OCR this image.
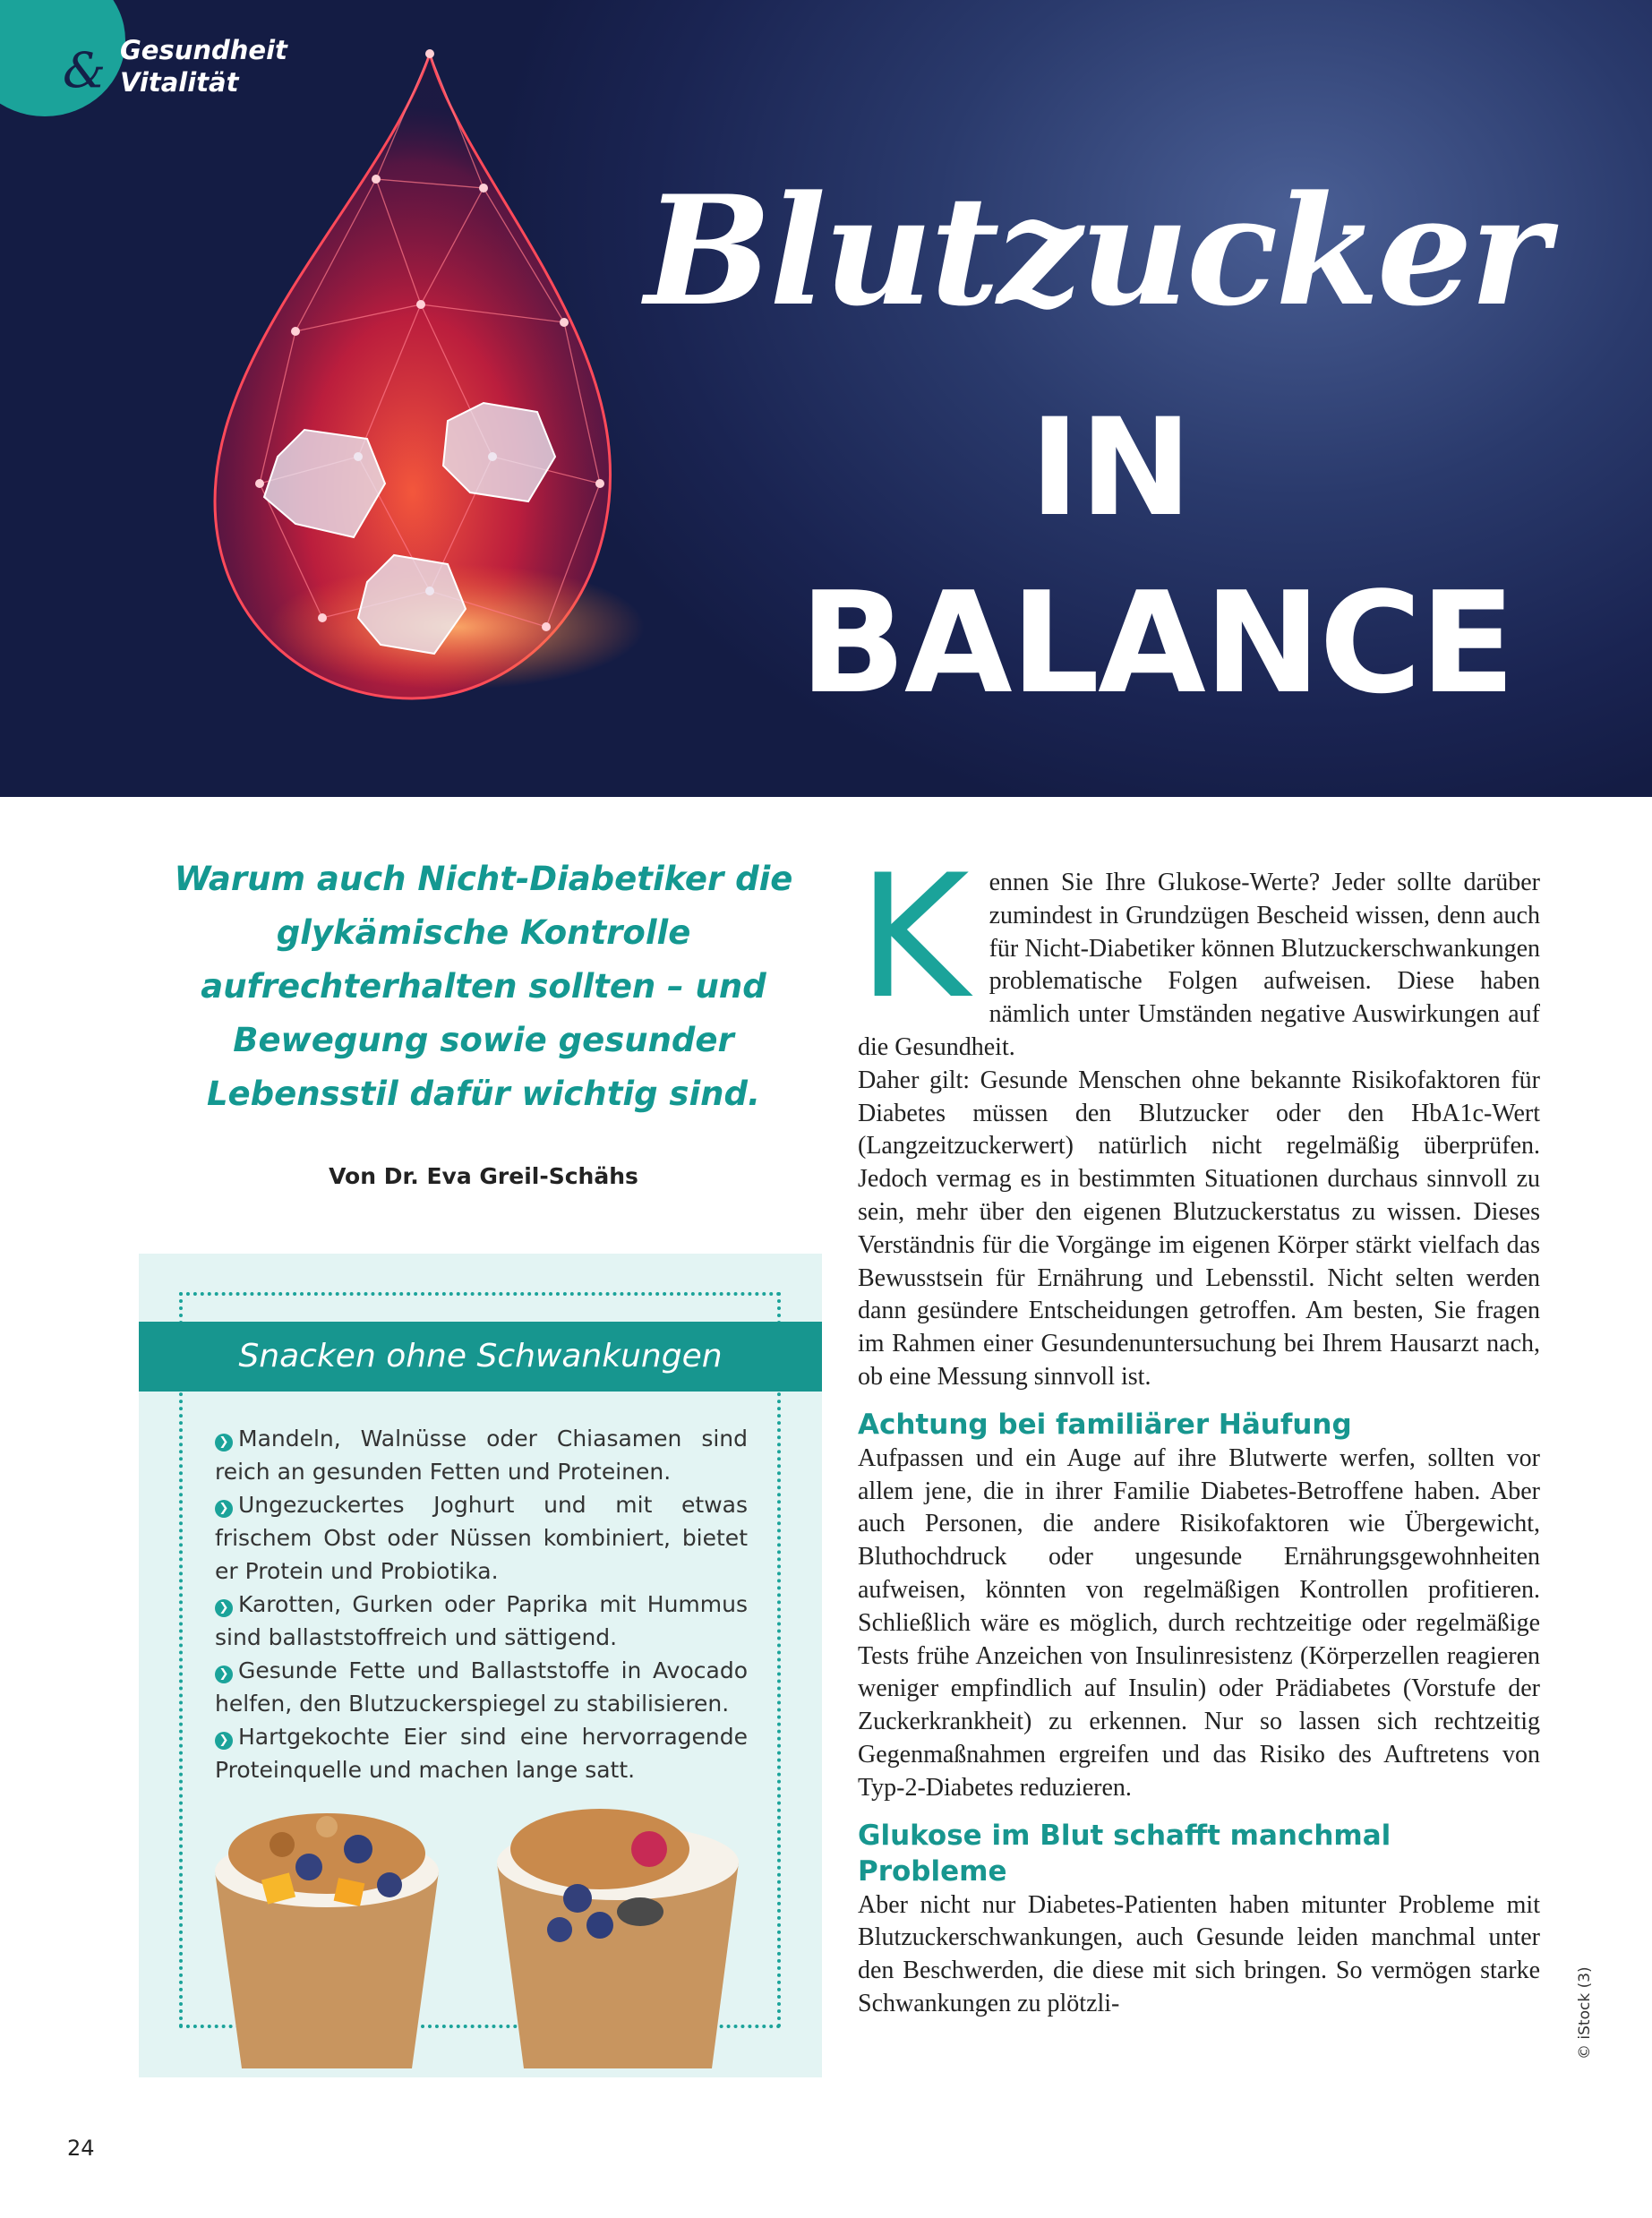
& Gesundheit
Vitalität
Blutzucker
IN
BALANCE
Warum auch Nicht-Diabetiker die glykämische Kontrolle aufrechterhalten sollten – und Bewegung sowie gesunder Lebensstil dafür wichtig sind.
Von Dr. Eva Greil-Schähs
Snacken ohne Schwankungen

❯ Mandeln, Walnüsse oder Chiasamen sind reich an gesunden Fetten und Proteinen.

❯ Ungezuckertes Joghurt und mit etwas frischem Obst oder Nüssen kombiniert, bietet er Protein und Probiotika.

❯ Karotten, Gurken oder Paprika mit Hummus sind ballaststoffreich und sättigend.

❯ Gesunde Fette und Ballaststoffe in Avocado helfen, den Blutzuckerspiegel zu stabilisieren.

❯ Hartgekochte Eier sind eine hervorragende Proteinquelle und machen lange satt.

Kennen Sie Ihre Glukose-Werte? Jeder sollte darüber zumindest in Grundzügen Bescheid wissen, denn auch für Nicht-Diabetiker können Blutzuckerschwankungen problematische Folgen aufweisen. Diese haben nämlich unter Umständen negative Auswirkungen auf die Gesundheit.

Daher gilt: Gesunde Menschen ohne bekannte Risikofaktoren für Diabetes müssen den Blutzucker oder den HbA1c-Wert (Langzeitzuckerwert) natürlich nicht regelmäßig überprüfen. Jedoch vermag es in bestimmten Situationen durchaus sinnvoll zu sein, mehr über den eigenen Blutzuckerstatus zu wissen. Dieses Verständnis für die Vorgänge im eigenen Körper stärkt vielfach das Bewusstsein für Ernährung und Lebensstil. Nicht selten werden dann gesündere Entscheidungen getroffen. Am besten, Sie fragen im Rahmen einer Gesundenuntersuchung bei Ihrem Hausarzt nach, ob eine Messung sinnvoll ist.

Achtung bei familiärer Häufung

Aufpassen und ein Auge auf ihre Blutwerte werfen, sollten vor allem jene, die in ihrer Familie Diabetes-Betroffene haben. Aber auch Personen, die andere Risikofaktoren wie Übergewicht, Bluthochdruck oder ungesunde Ernährungsgewohnheiten aufweisen, könnten von regelmäßigen Kontrollen profitieren. Schließlich wäre es möglich, durch rechtzeitige oder regelmäßige Tests frühe Anzeichen von Insulinresistenz (Körperzellen reagieren weniger empfindlich auf Insulin) oder Prädiabetes (Vorstufe der Zuckerkrankheit) zu erkennen. Nur so lassen sich rechtzeitig Gegenmaßnahmen ergreifen und das Risiko des Auftretens von Typ-2-Diabetes reduzieren.

Glukose im Blut schafft manchmal Probleme

Aber nicht nur Diabetes-Patienten haben mitunter Probleme mit Blutzuckerschwankungen, auch Gesunde leiden manchmal unter den Beschwerden, die diese mit sich bringen. So vermögen starke Schwankungen zu plötzli-	© iStock (3)
24
